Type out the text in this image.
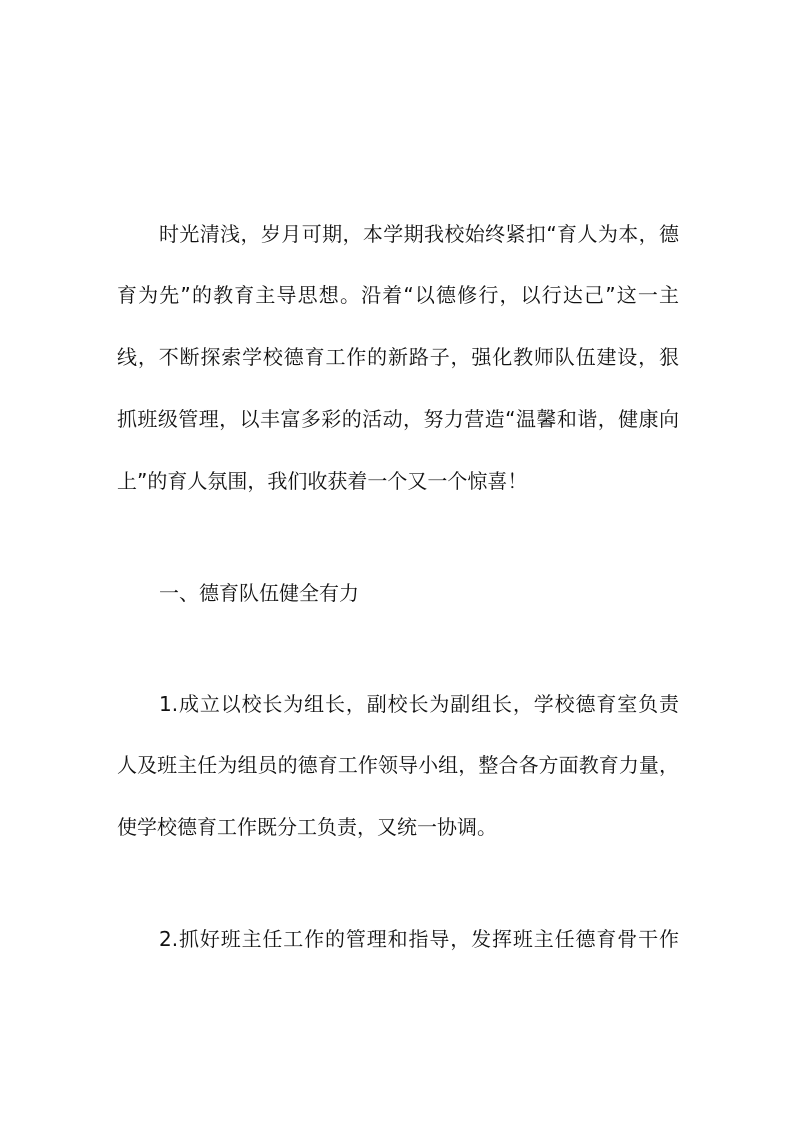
时光清浅，岁月可期，本学期我校始终紧扣“育人为本，德
育为先”的教育主导思想。沿着“以德修行，以行达己”这一主
线，不断探索学校德育工作的新路子，强化教师队伍建设，狠
抓班级管理，以丰富多彩的活动，努力营造“温馨和谐，健康向
上”的育人氛围，我们收获着一个又一个惊喜！
一、德育队伍健全有力
1.成立以校长为组长，副校长为副组长，学校德育室负责
人及班主任为组员的德育工作领导小组，整合各方面教育力量，
使学校德育工作既分工负责，又统一协调。
2.抓好班主任工作的管理和指导，发挥班主任德育骨干作
